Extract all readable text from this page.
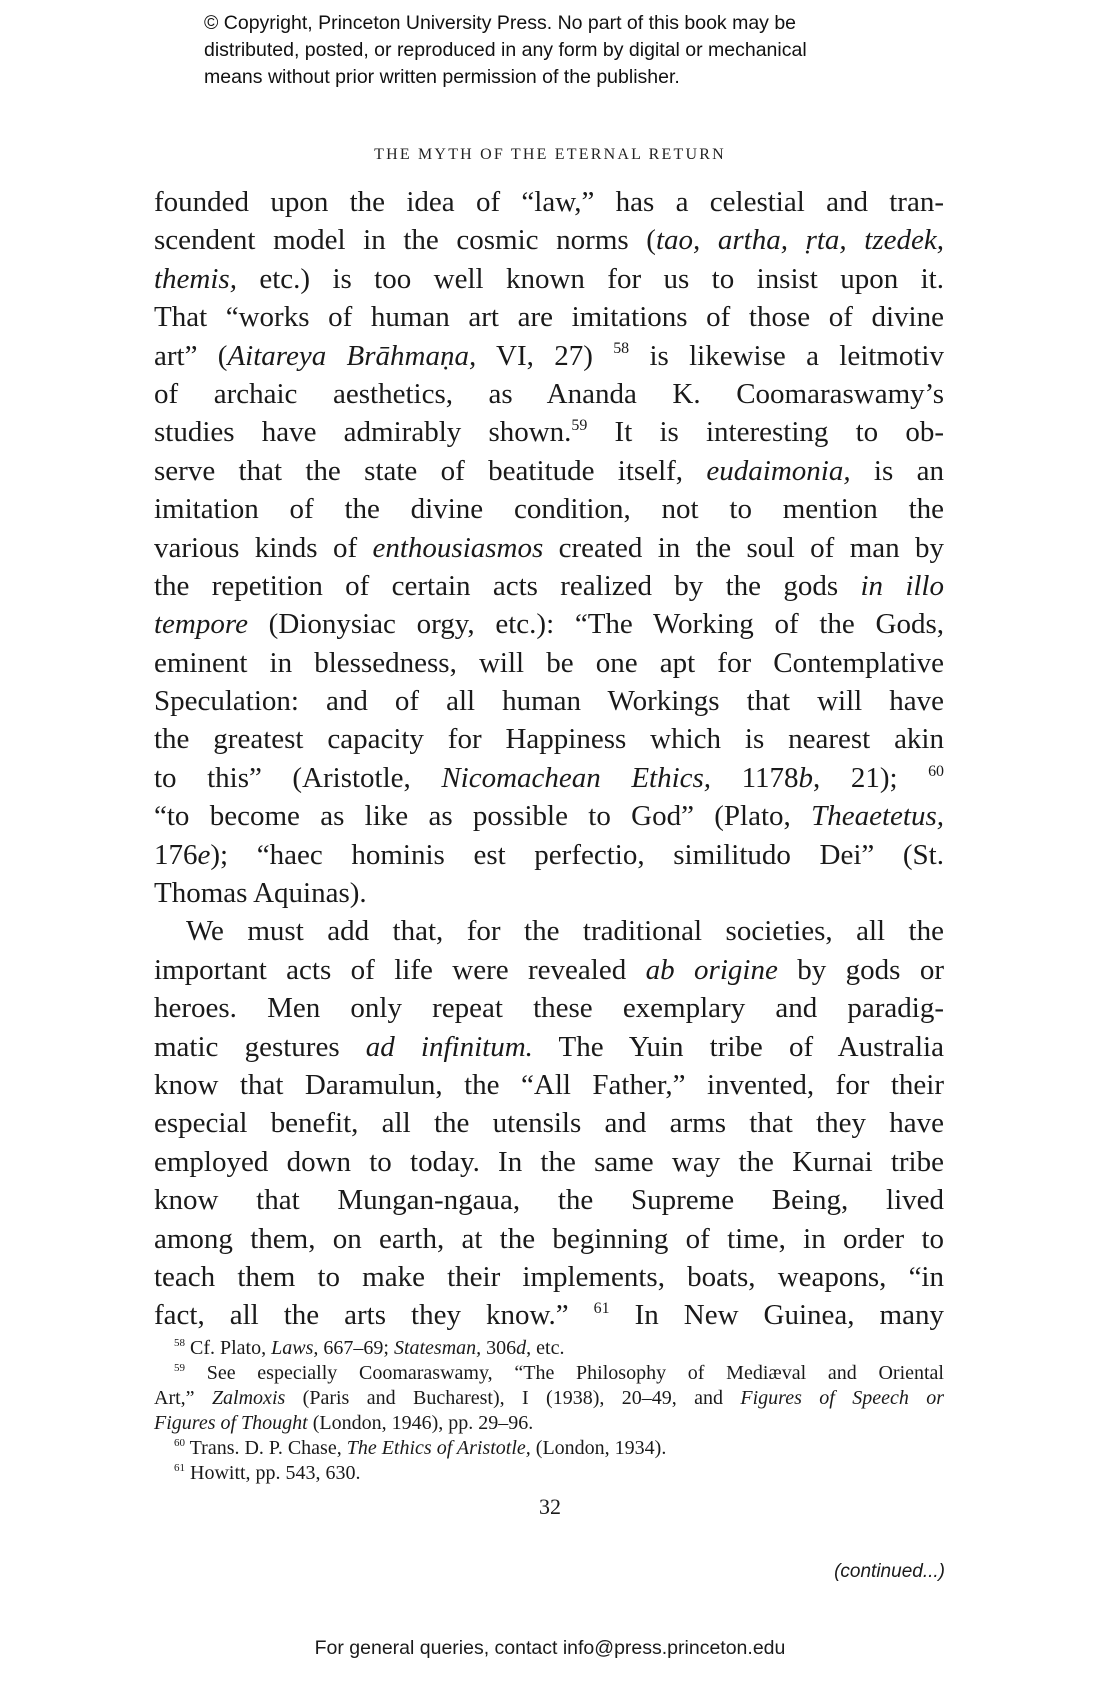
© Copyright, Princeton University Press. No part of this book may be
distributed, posted, or reproduced in any form by digital or mechanical
means without prior written permission of the publisher.
THE MYTH OF THE ETERNAL RETURN
founded upon the idea of “law,” has a celestial and tran-
scendent model in the cosmic norms (tao, artha, ṛta, tzedek,
themis, etc.) is too well known for us to insist upon it.
That “works of human art are imitations of those of divine
art” (Aitareya Brāhmaṇa, VI, 27) $^{58}$ is likewise a leitmotiv
of archaic aesthetics, as Ananda K. Coomaraswamy’s
studies have admirably shown.$^{59}$ It is interesting to ob-
serve that the state of beatitude itself, eudaimonia, is an
imitation of the divine condition, not to mention the
various kinds of enthousiasmos created in the soul of man by
the repetition of certain acts realized by the gods in illo
tempore (Dionysiac orgy, etc.): “The Working of the Gods,
eminent in blessedness, will be one apt for Contemplative
Speculation: and of all human Workings that will have
the greatest capacity for Happiness which is nearest akin
to this” (Aristotle, Nicomachean Ethics, 1178b, 21); $^{60}$
“to become as like as possible to God” (Plato, Theaetetus,
176e); “haec hominis est perfectio, similitudo Dei” (St.
Thomas Aquinas).
We must add that, for the traditional societies, all the
important acts of life were revealed ab origine by gods or
heroes. Men only repeat these exemplary and paradig-
matic gestures ad infinitum. The Yuin tribe of Australia
know that Daramulun, the “All Father,” invented, for their
especial benefit, all the utensils and arms that they have
employed down to today. In the same way the Kurnai tribe
know that Mungan-ngaua, the Supreme Being, lived
among them, on earth, at the beginning of time, in order to
teach them to make their implements, boats, weapons, “in
fact, all the arts they know.” $^{61}$ In New Guinea, many
$^{58}$ Cf. Plato, Laws, 667–69; Statesman, 306d, etc.
$^{59}$ See especially Coomaraswamy, “The Philosophy of Mediæval and Oriental
Art,” Zalmoxis (Paris and Bucharest), I (1938), 20–49, and Figures of Speech or
Figures of Thought (London, 1946), pp. 29–96.
$^{60}$ Trans. D. P. Chase, The Ethics of Aristotle, (London, 1934).
$^{61}$ Howitt, pp. 543, 630.
32
(continued...)
For general queries, contact info@press.princeton.edu
